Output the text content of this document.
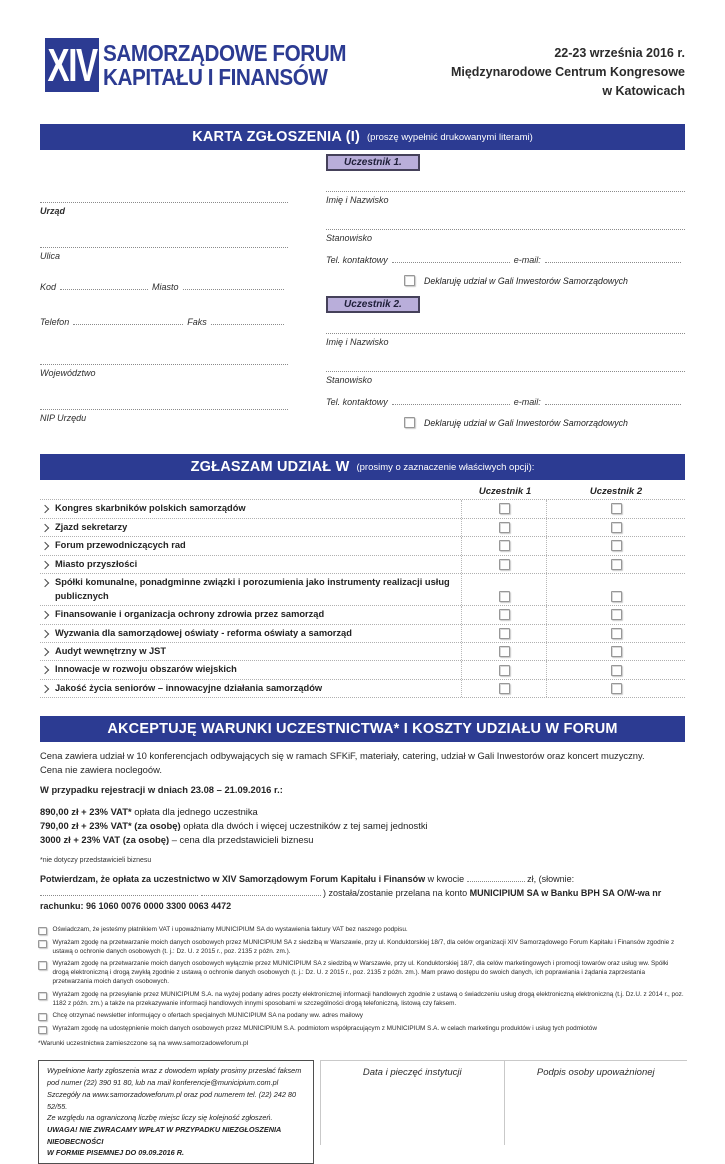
XIV SAMORZĄDOWE FORUM
KAPITAŁU I FINANSÓW
22-23 września 2016 r.
Międzynarodowe Centrum Kongresowe
w Katowicach
KARTA ZGŁOSZENIA (I) (proszę wypełnić drukowanymi literami)
Urząd
Ulica
Kod	Miasto
Telefon	Faks
Województwo
NIP Urzędu
Uczestnik 1.
Imię i Nazwisko
Stanowisko
Tel. kontaktowy	e-mail:
Deklaruję udział w Gali Inwestorów Samorządowych
Uczestnik 2.
Imię i Nazwisko
Stanowisko
Tel. kontaktowy	e-mail:
Deklaruję udział w Gali Inwestorów Samorządowych
ZGŁASZAM UDZIAŁ W (prosimy o zaznaczenie właściwych opcji):
Uczestnik 1	Uczestnik 2
Kongres skarbników polskich samorządów
Zjazd sekretarzy
Forum przewodniczących rad
Miasto przyszłości
Spółki komunalne, ponadgminne związki i porozumienia jako instrumenty realizacji usług publicznych
Finansowanie i organizacja ochrony zdrowia przez samorząd
Wyzwania dla samorządowej oświaty - reforma oświaty a samorząd
Audyt wewnętrzny w JST
Innowacje w rozwoju obszarów wiejskich
Jakość życia seniorów – innowacyjne działania samorządów
AKCEPTUJĘ WARUNKI UCZESTNICTWA* I KOSZTY UDZIAŁU W FORUM
Cena zawiera udział w 10 konferencjach odbywających się w ramach SFKiF, materiały, catering, udział w Gali Inwestorów oraz koncert muzyczny.
Cena nie zawiera noclegoów.
W przypadku rejestracji w dniach 23.08 – 21.09.2016 r.:
890,00 zł + 23% VAT* opłata dla jednego uczestnika
790,00 zł + 23% VAT* (za osobę) opłata dla dwóch i więcej uczestników z tej samej jednostki
3000 zł + 23% VAT (za osobę) – cena dla przedstawicieli biznesu
*nie dotyczy przedstawicieli biznesu
Potwierdzam, że opłata za uczestnictwo w XIV Samorządowym Forum Kapitału i Finansów w kwocie	zł, (słownie:   ) została/zostanie przelana na konto MUNICIPIUM SA w Banku BPH SA O/W-wa nr rachunku: 96 1060 0076 0000 3300 0063 4472
Oświadczam, że jesteśmy płatnikiem VAT i upoważniamy MUNICIPIUM SA do wystawienia faktury VAT bez naszego podpisu.
Wyrażam zgodę na przetwarzanie moich danych osobowych przez MUNICIPIUM SA z siedzibą w Warszawie, przy ul. Konduktorskiej 18/7, dla celów organizacji XIV Samorządowego Forum Kapitału i Finansów zgodnie z ustawą o ochronie danych osobowych (t. j.: Dz. U. z 2015 r., poz. 2135 z późn. zm.).
Wyrażam zgodę na przetwarzanie moich danych osobowych wyłącznie przez MUNICIPIUM SA z siedzibą w Warszawie, przy ul. Konduktorskiej 18/7, dla celów marketingowych i promocji towarów oraz usług ww. Spółki drogą elektroniczną i drogą zwykłą zgodnie z ustawą o ochronie danych osobowych (t. j.: Dz. U. z 2015 r., poz. 2135 z późn. zm.). Mam prawo dostępu do swoich danych, ich poprawiania i żądania zaprzestania przetwarzania moich danych osobowych.
Wyrażam zgodę na przesyłanie przez MUNICIPIUM S.A. na wyżej podany adres poczty elektronicznej informacji handlowych zgodnie z ustawą o świadczeniu usług drogą elektroniczną elektroniczną (t.j. Dz.U. z 2014 r., poz. 1182 z późn. zm.) a także na przekazywanie informacji handlowych innymi sposobami w szczególności drogą telefoniczną, listową czy faksem.
Chcę otrzymać newsletter informujący o ofertach specjalnych MUNICIPIUM SA na podany ww. adres mailowy
Wyrażam zgodę na udostępnienie moich danych osobowych przez MUNICIPIUM S.A. podmiotom współpracującym z MUNICIPIUM S.A. w celach marketingu produktów i usług tych podmiotów
*Warunki uczestnictwa zamieszczone są na www.samorzadoweforum.pl
Wypełnione karty zgłoszenia wraz z dowodem wpłaty prosimy przesłać faksem
pod numer (22) 390 91 80, lub na mail konferencje@municipium.com.pl
Szczegóły na www.samorzadoweforum.pl oraz pod numerem tel. (22) 242 80 52/55.
Ze względu na ograniczoną liczbę miejsc liczy się kolejność zgłoszeń.
UWAGA! NIE ZWRACAMY WPŁAT W PRZYPADKU NIEZGŁOSZENIA NIEOBECNOŚCI
W FORMIE PISEMNEJ DO 09.09.2016 R.
Data i pieczęć instytucji	Podpis osoby upoważnionej
